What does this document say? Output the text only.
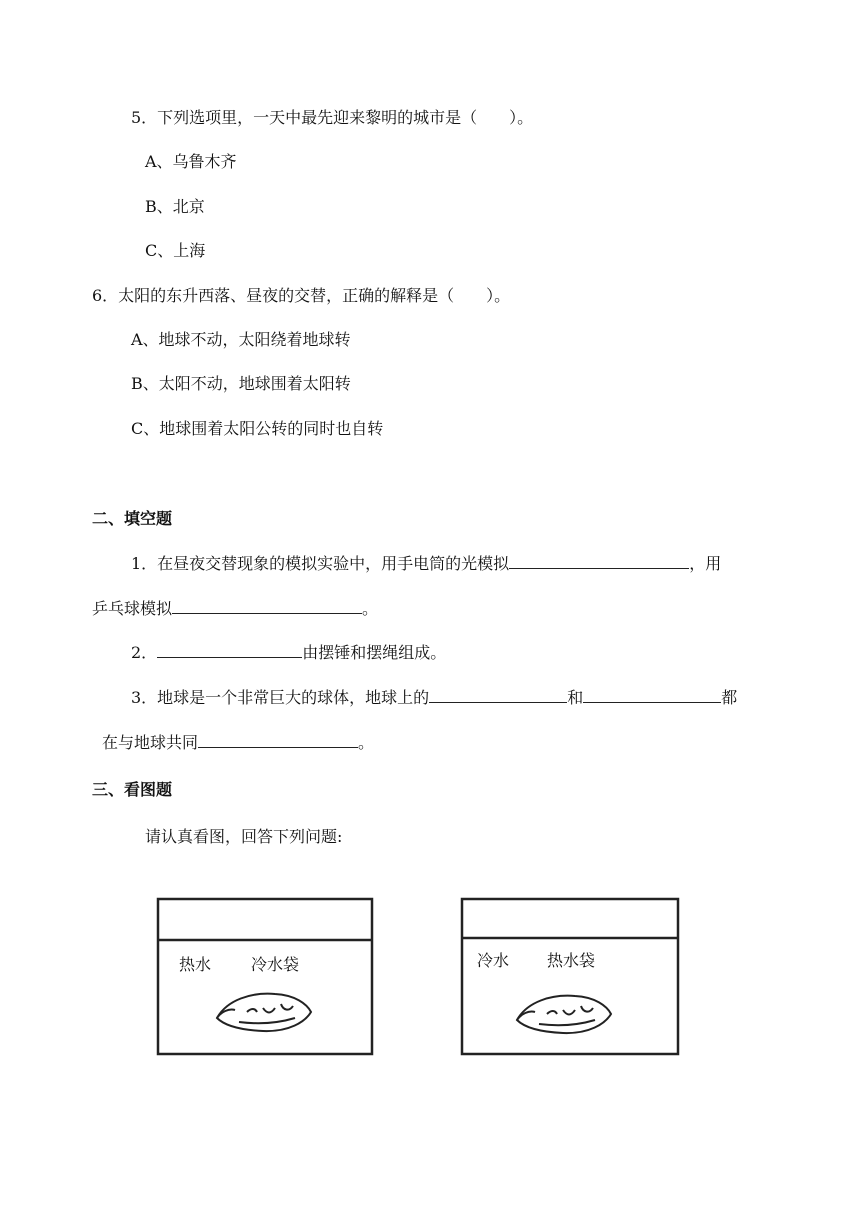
5．下列选项里，一天中最先迎来黎明的城市是（　　）。
A、乌鲁木齐
B、北京
C、上海
6．太阳的东升西落、昼夜的交替，正确的解释是（　　）。
A、地球不动，太阳绕着地球转
B、太阳不动，地球围着太阳转
C、地球围着太阳公转的同时也自转
二、填空题
1．在昼夜交替现象的模拟实验中，用手电筒的光模拟	，用
乒乓球模拟	。
2．	由摆锤和摆绳组成。
3．地球是一个非常巨大的球体，地球上的	和	都
在与地球共同	。
三、看图题
请认真看图，回答下列问题:
热水 冷水袋	冷水 热水袋
